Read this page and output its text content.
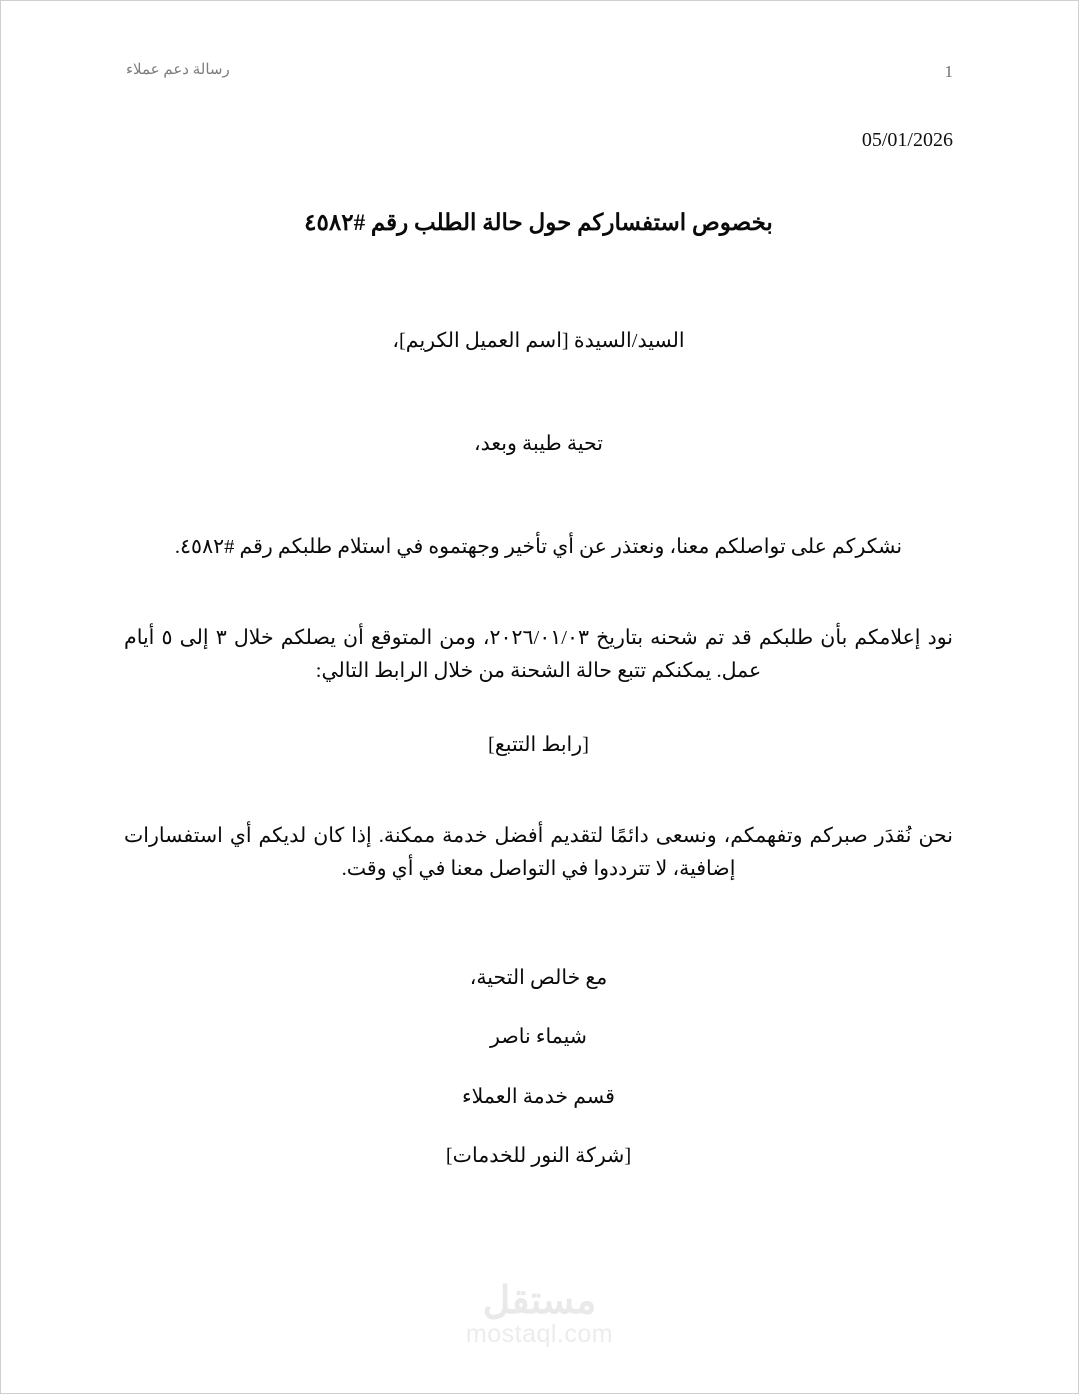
رسالة دعم عملاء	1
05/01/2026
بخصوص استفساركم حول حالة الطلب رقم #٤٥٨٢

السيد/السيدة [اسم العميل الكريم]،

تحية طيبة وبعد،

نشكركم على تواصلكم معنا، ونعتذر عن أي تأخير وجهتموه في استلام طلبكم رقم #٤٥٨٢.

نود إعلامكم بأن طلبكم قد تم شحنه بتاريخ ٢٠٢٦/٠١/٠٣، ومن المتوقع أن يصلكم خلال ٣ إلى ٥ أيام عمل. يمكنكم تتبع حالة الشحنة من خلال الرابط التالي:

[رابط التتبع]

نحن نُقدَر صبركم وتفهمكم، ونسعى دائمًا لتقديم أفضل خدمة ممكنة. إذا كان لديكم أي استفسارات إضافية، لا تترددوا في التواصل معنا في أي وقت.

مع خالص التحية،

شيماء ناصر

قسم خدمة العملاء

[شركة النور للخدمات]

مستقل
mostaql.com
